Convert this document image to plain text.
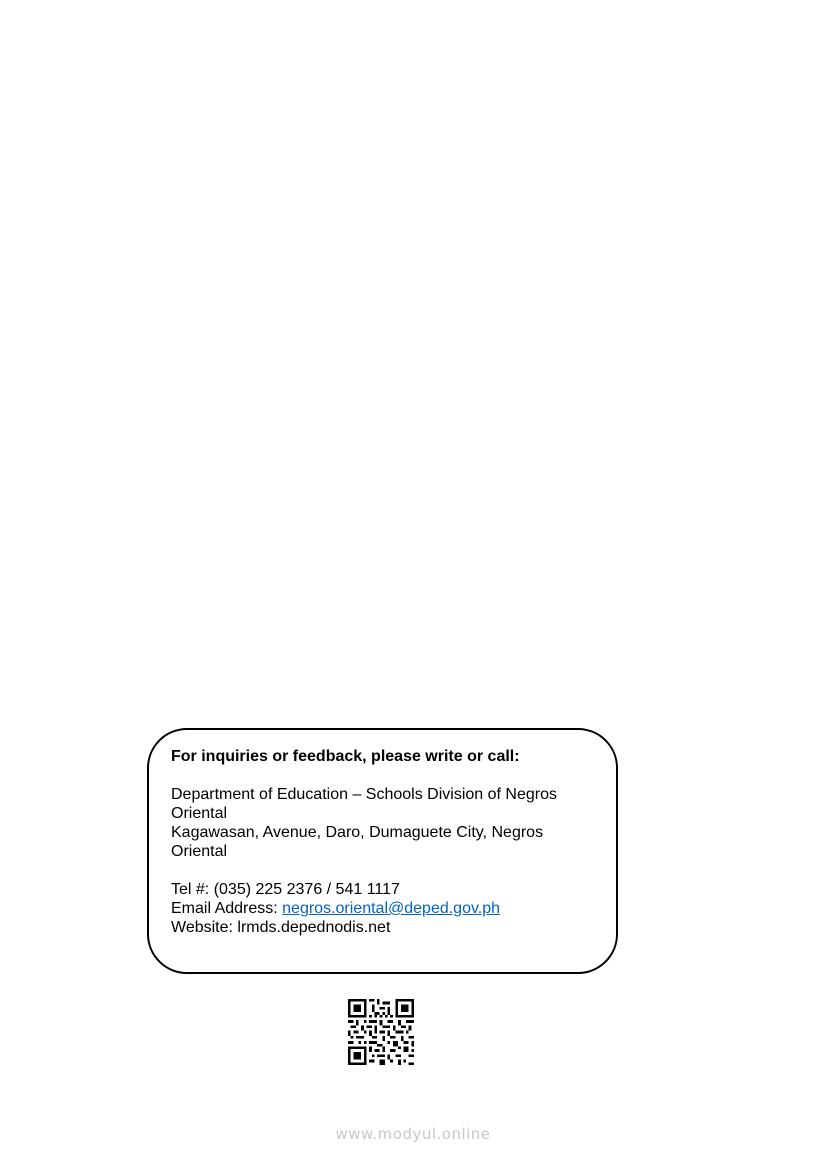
For inquiries or feedback, please write or call:

Department of Education – Schools Division of Negros
Oriental
Kagawasan, Avenue, Daro, Dumaguete City, Negros
Oriental
Tel #: (035) 225 2376 / 541 1117
Email Address: negros.oriental@deped.gov.ph
Website: lrmds.depednodis.net
www.modyul.online
